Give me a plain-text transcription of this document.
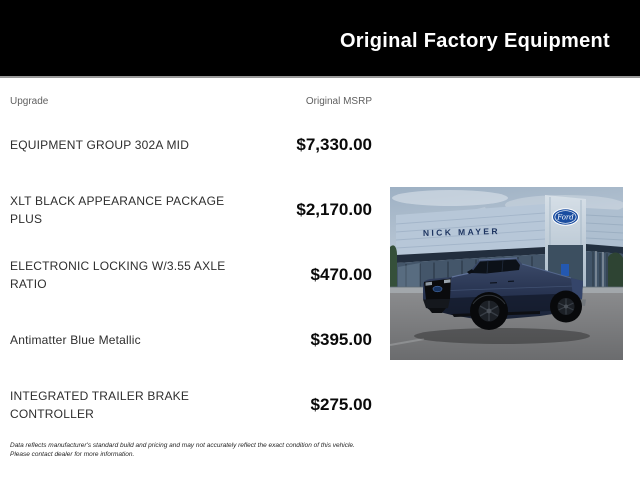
Original Factory Equipment
Upgrade	Original MSRP
EQUIPMENT GROUP 302A MID	$7,330.00
XLT BLACK APPEARANCE PACKAGE PLUS	$2,170.00
ELECTRONIC LOCKING W/3.55 AXLE RATIO	$470.00
Antimatter Blue Metallic	$395.00
INTEGRATED TRAILER BRAKE CONTROLLER	$275.00
NICK MAYER
Ford
Data reflects manufacturer's standard build and pricing and may not accurately reflect the exact condition of this vehicle.
Please contact dealer for more information.
